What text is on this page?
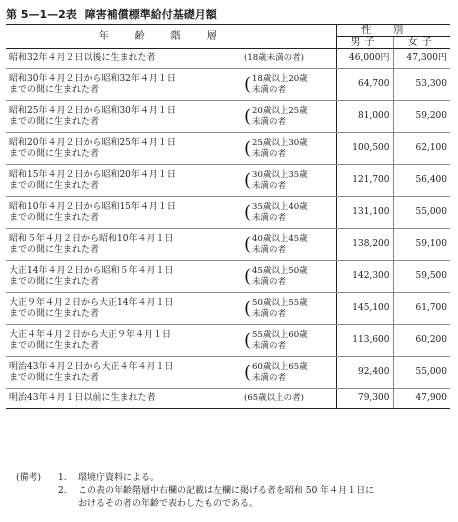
第 5—1—2表 障害補償標準給付基礎月額
年齢階層		性別	
		男子	女子
昭和32年４月２日以後に生まれた者	(18歳未満の者)	46,000円	47,300円
昭和30年４月２日から昭和32年４月１日
までの間に生まれた者	(18歳以上20歳
未満の者	64,700	53,300
昭和25年４月２日から昭和30年４月１日
までの間に生まれた者	(20歳以上25歳
未満の者	81,000	59,200
昭和20年４月２日から昭和25年４月１日
までの間に生まれた者	(25歳以上30歳
未満の者	100,500	62,100
昭和15年４月２日から昭和20年４月１日
までの間に生まれた者	(30歳以上35歳
未満の者	121,700	56,400
昭和10年４月２日から昭和15年４月１日
までの間に生まれた者	(35歳以上40歳
未満の者	131,100	55,000
昭和５年４月２日から昭和10年４月１日
までの間に生まれた者	(40歳以上45歳
未満の者	138,200	59,100
大正14年４月２日から昭和５年４月１日
までの間に生まれた者	(45歳以上50歳
未満の者	142,300	59,500
大正９年４月２日から大正14年４月１日
までの間に生まれた者	(50歳以上55歳
未満の者	145,100	61,700
大正４年４月２日から大正９年４月１日
までの間に生まれた者	(55歳以上60歳
未満の者	113,600	60,200
明治43年４月２日から大正４年４月１日
までの間に生まれた者	(60歳以上65歳
未満の者	92,400	55,000
明治43年４月１日以前に生まれた者	(65歳以上の者)	79,300	47,900
(備考)	1.	環境庁資料による。
2.	この表の年齢階層中右欄の記載は左欄に掲げる者を昭和 50 年４月１日に
おけるその者の年齢で表わしたものである。
